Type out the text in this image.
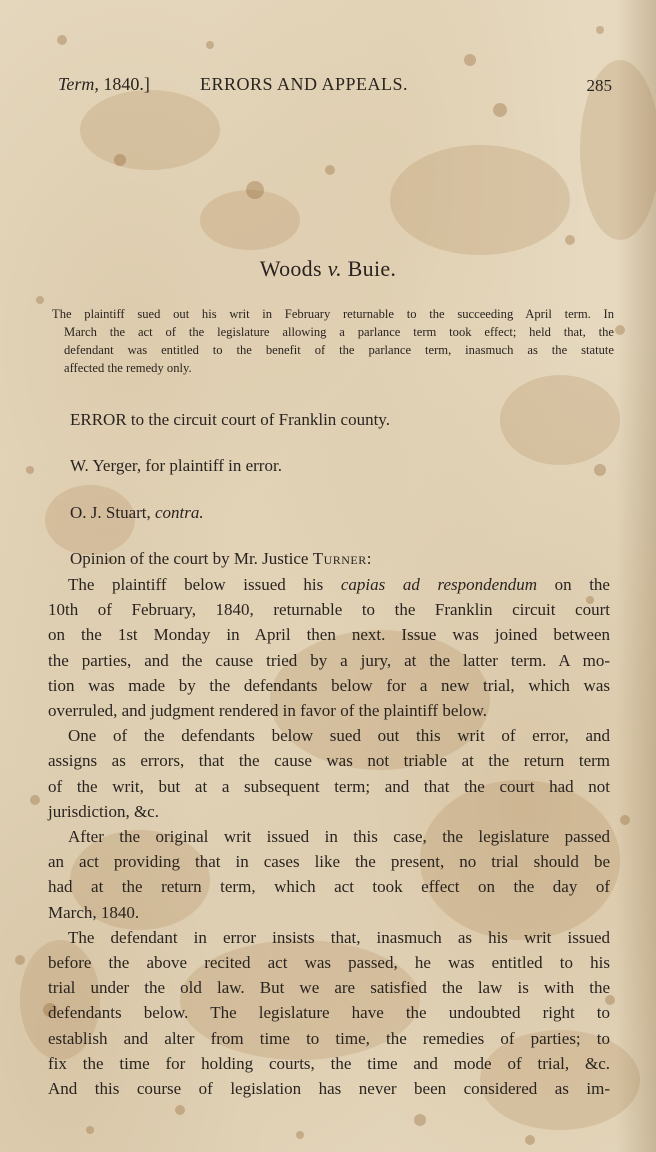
Term, 1840.]	ERRORS AND APPEALS.	285
Woods v. Buie.
The plaintiff sued out his writ in February returnable to the succeeding April term. In
March the act of the legislature allowing a parlance term took effect; held that, the
defendant was entitled to the benefit of the parlance term, inasmuch as the statute
affected the remedy only.
ERROR to the circuit court of Franklin county.
W. Yerger, for plaintiff in error.
O. J. Stuart, contra.
Opinion of the court by Mr. Justice Turner:
The plaintiff below issued his capias ad respondendum on the
10th of February, 1840, returnable to the Franklin circuit court
on the 1st Monday in April then next. Issue was joined between
the parties, and the cause tried by a jury, at the latter term. A mo-
tion was made by the defendants below for a new trial, which was
overruled, and judgment rendered in favor of the plaintiff below.
One of the defendants below sued out this writ of error, and
assigns as errors, that the cause was not triable at the return term
of the writ, but at a subsequent term; and that the court had not
jurisdiction, &c.
After the original writ issued in this case, the legislature passed
an act providing that in cases like the present, no trial should be
had at the return term, which act took effect on the day of
March, 1840.
The defendant in error insists that, inasmuch as his writ issued
before the above recited act was passed, he was entitled to his
trial under the old law. But we are satisfied the law is with the
defendants below. The legislature have the undoubted right to
establish and alter from time to time, the remedies of parties; to
fix the time for holding courts, the time and mode of trial, &c.
And this course of legislation has never been considered as im-
